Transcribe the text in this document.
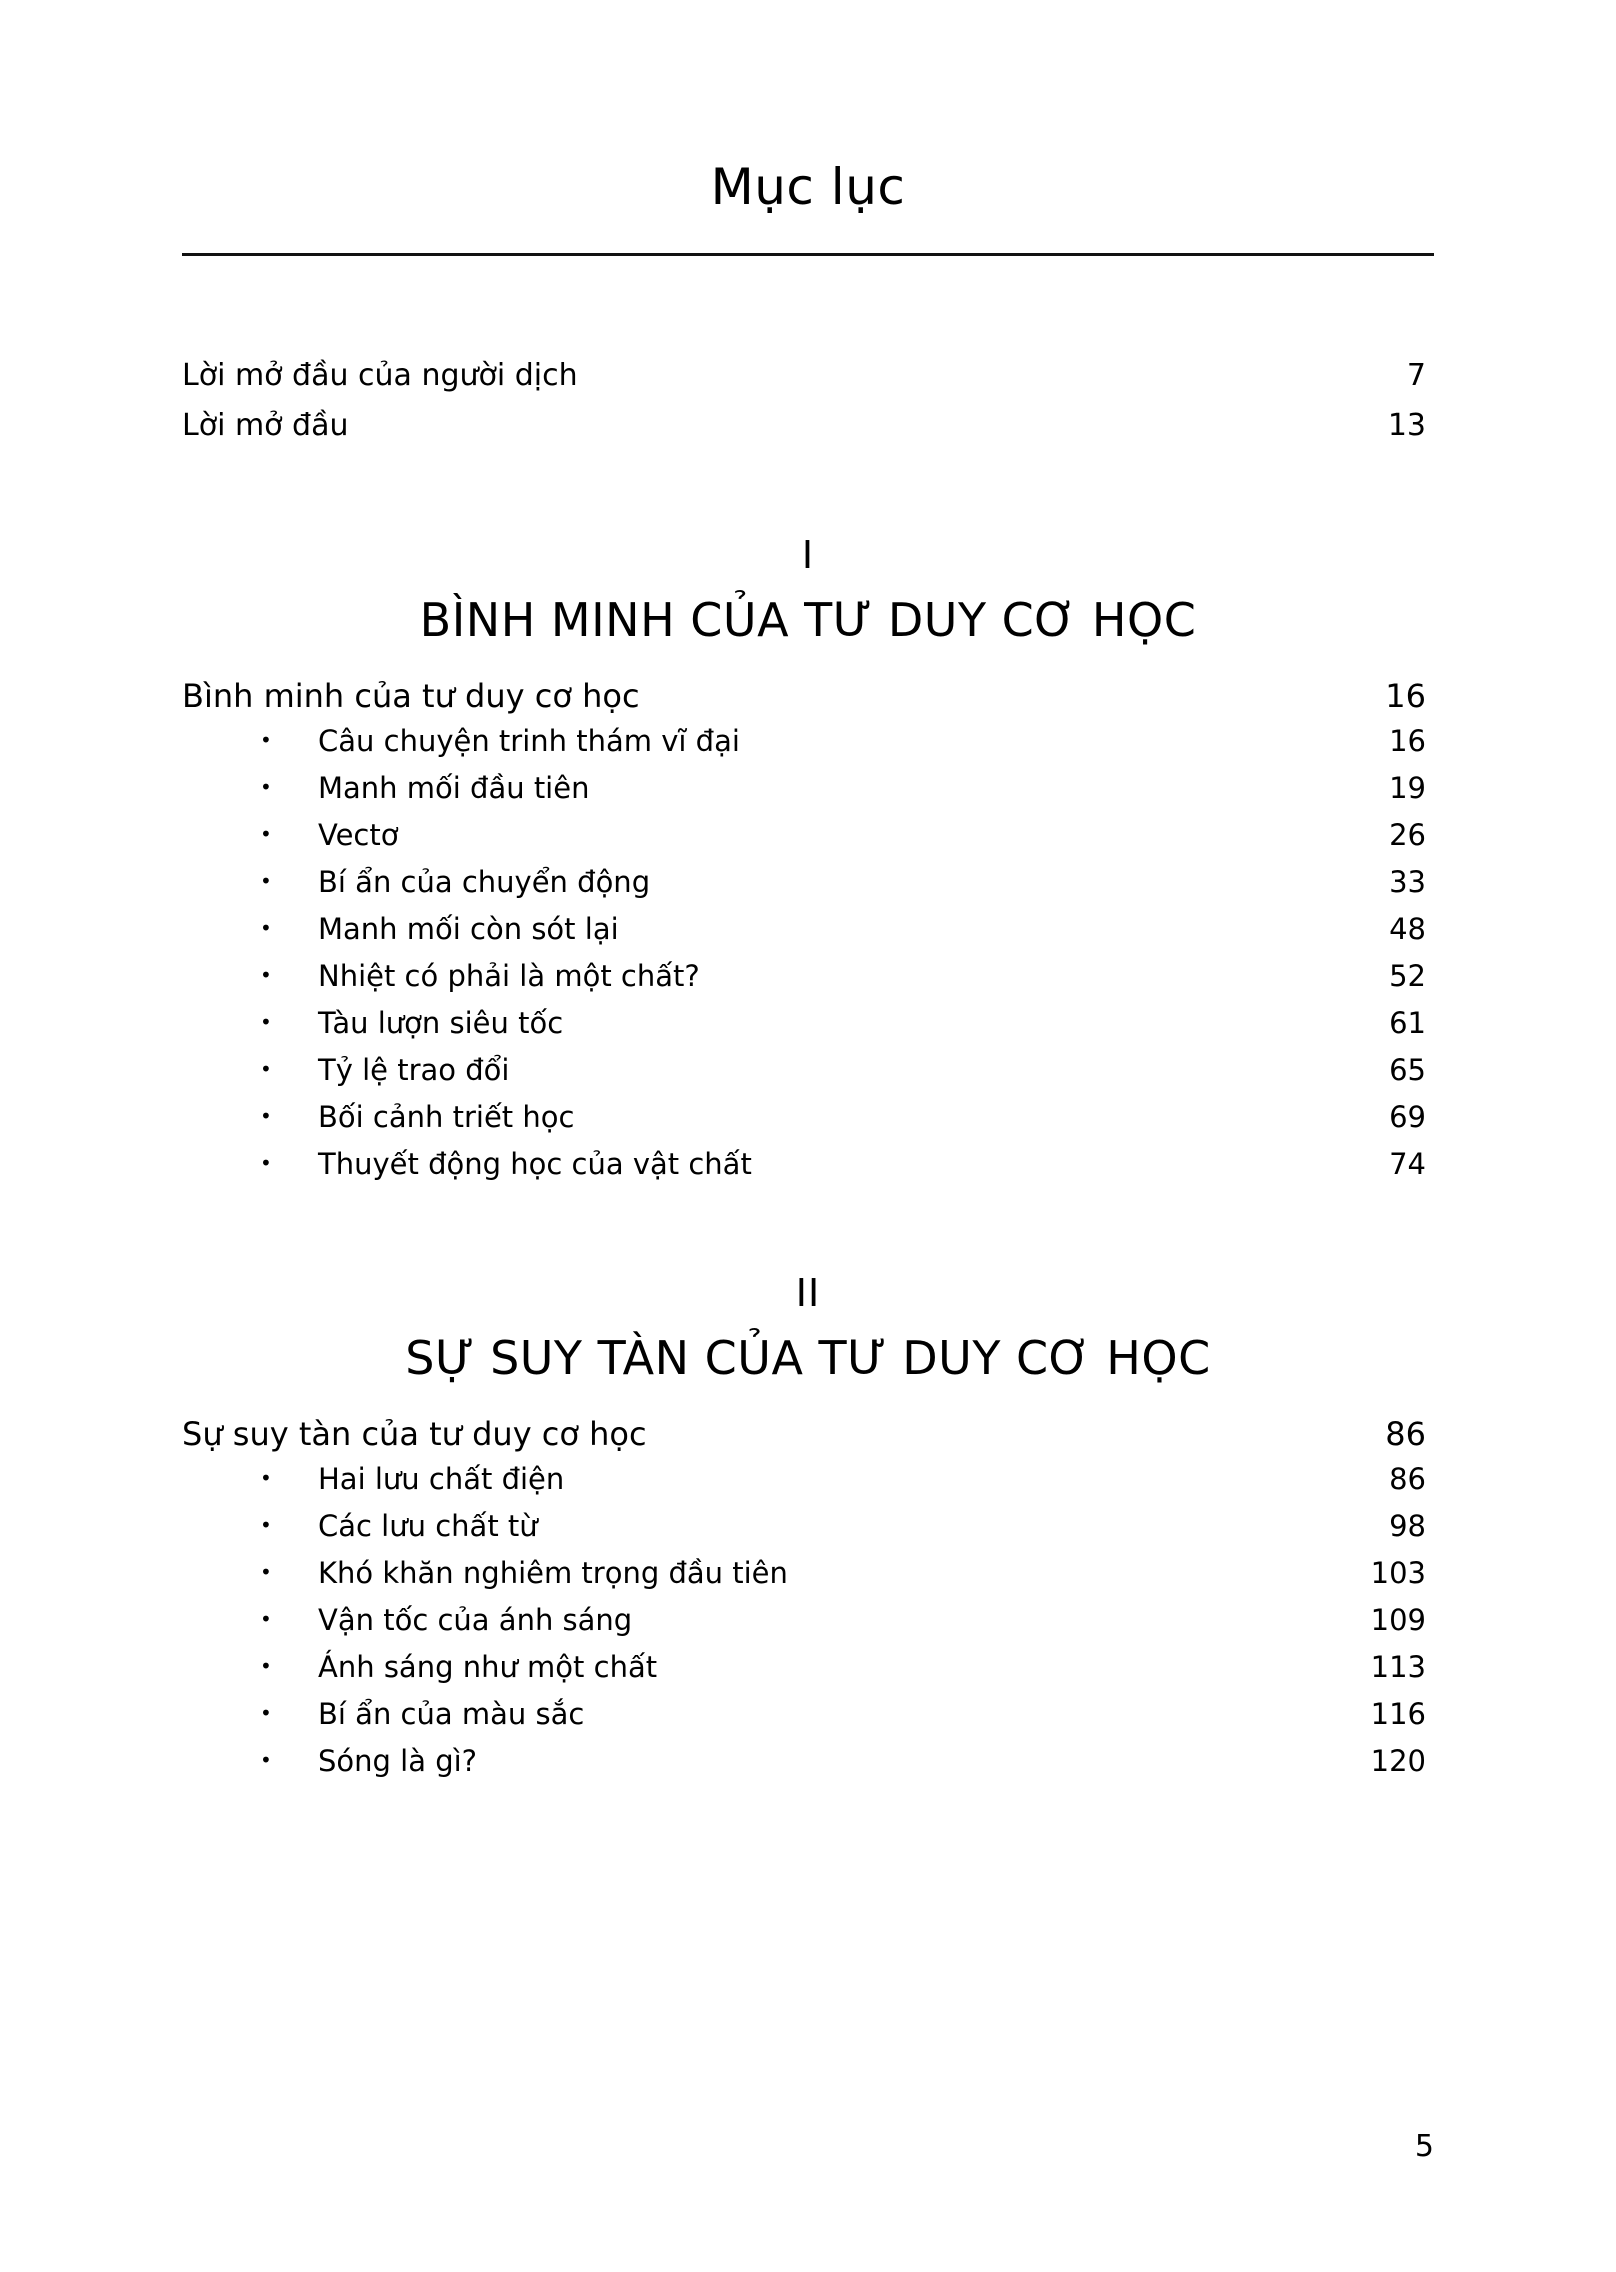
Mục lục
Lời mở đầu của người dịch	7
Lời mở đầu	13
I
BÌNH MINH CỦA TƯ DUY CƠ HỌC
Bình minh của tư duy cơ học	16
•	Câu chuyện trinh thám vĩ đại	16
•	Manh mối đầu tiên	19
•	Vectơ	26
•	Bí ẩn của chuyển động	33
•	Manh mối còn sót lại	48
•	Nhiệt có phải là một chất?	52
•	Tàu lượn siêu tốc	61
•	Tỷ lệ trao đổi	65
•	Bối cảnh triết học	69
•	Thuyết động học của vật chất	74
II
SỰ SUY TÀN CỦA TƯ DUY CƠ HỌC
Sự suy tàn của tư duy cơ học	86
•	Hai lưu chất điện	86
•	Các lưu chất từ	98
•	Khó khăn nghiêm trọng đầu tiên	103
•	Vận tốc của ánh sáng	109
•	Ánh sáng như một chất	113
•	Bí ẩn của màu sắc	116
•	Sóng là gì?	120
5
